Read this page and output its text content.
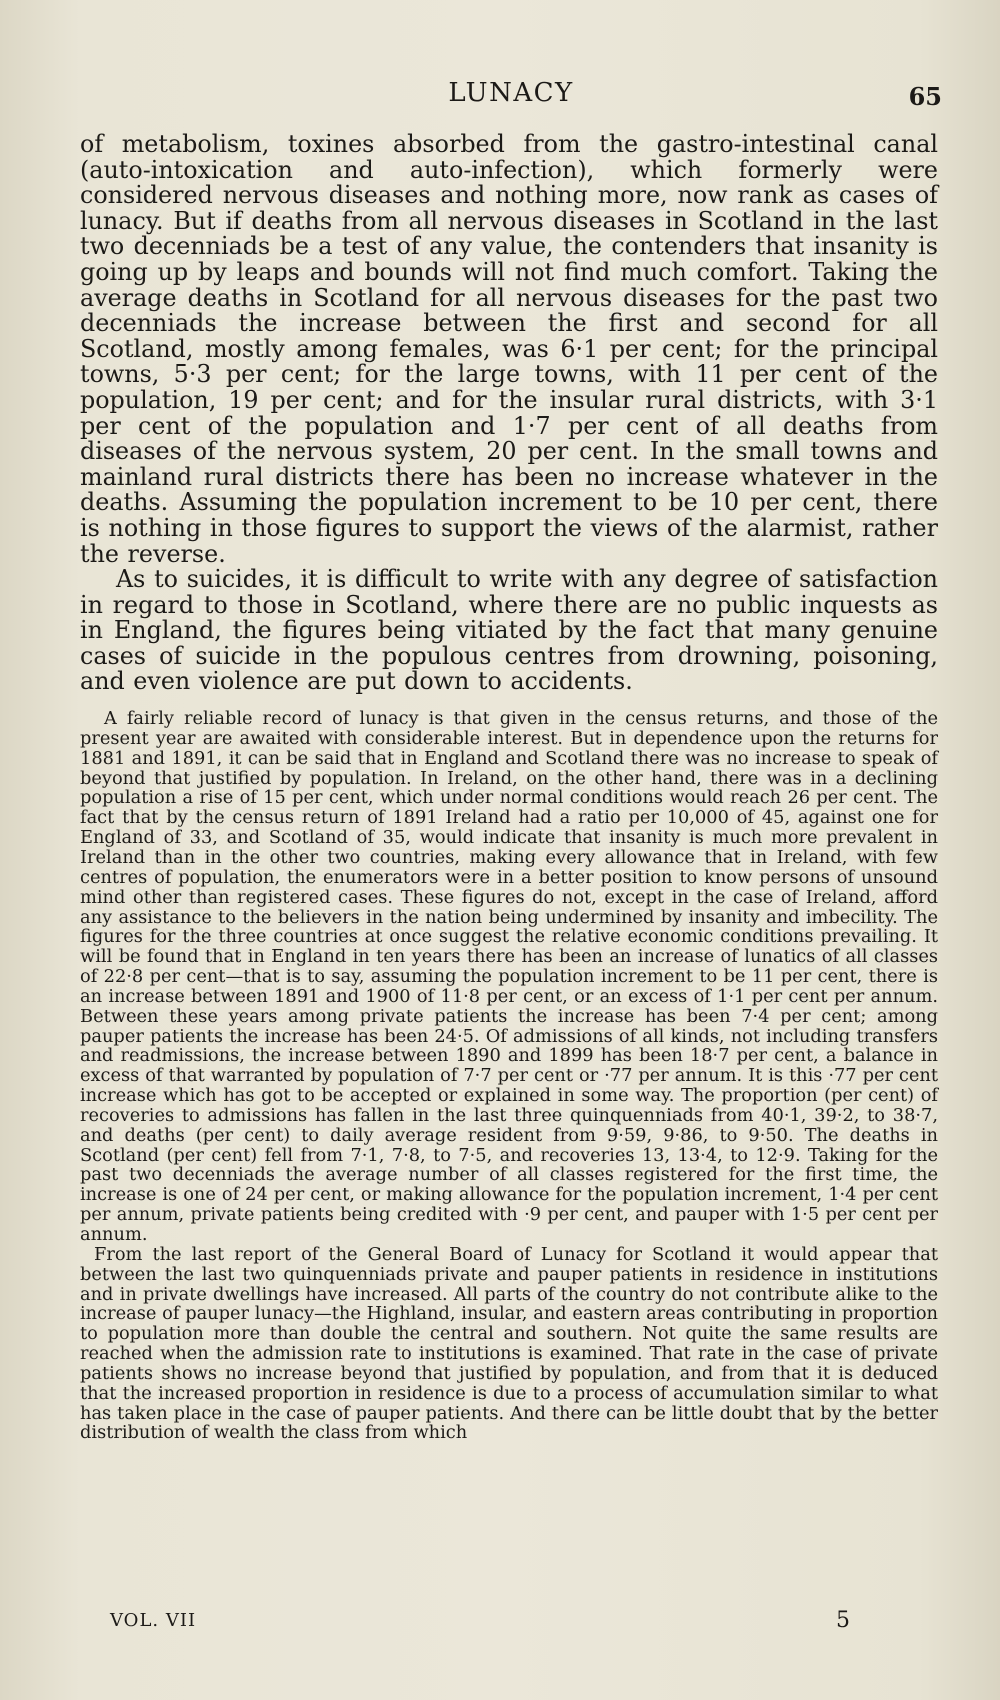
LUNACY	65

of metabolism, toxines absorbed from the gastro-intestinal canal (auto-intoxication and auto-infection), which formerly were considered nervous diseases and nothing more, now rank as cases of lunacy. But if deaths from all nervous diseases in Scotland in the last two decenniads be a test of any value, the contenders that insanity is going up by leaps and bounds will not find much comfort. Taking the average deaths in Scotland for all nervous diseases for the past two decenniads the increase between the first and second for all Scotland, mostly among females, was 6·1 per cent; for the principal towns, 5·3 per cent; for the large towns, with 11 per cent of the population, 19 per cent; and for the insular rural districts, with 3·1 per cent of the population and 1·7 per cent of all deaths from diseases of the nervous system, 20 per cent. In the small towns and mainland rural districts there has been no increase whatever in the deaths. Assuming the population increment to be 10 per cent, there is nothing in those figures to support the views of the alarmist, rather the reverse.

As to suicides, it is difficult to write with any degree of satisfaction in regard to those in Scotland, where there are no public inquests as in England, the figures being vitiated by the fact that many genuine cases of suicide in the populous centres from drowning, poisoning, and even violence are put down to accidents.

A fairly reliable record of lunacy is that given in the census returns, and those of the present year are awaited with considerable interest. But in dependence upon the returns for 1881 and 1891, it can be said that in England and Scotland there was no increase to speak of beyond that justified by population. In Ireland, on the other hand, there was in a declining population a rise of 15 per cent, which under normal conditions would reach 26 per cent. The fact that by the census return of 1891 Ireland had a ratio per 10,000 of 45, against one for England of 33, and Scotland of 35, would indicate that insanity is much more prevalent in Ireland than in the other two countries, making every allowance that in Ireland, with few centres of population, the enumerators were in a better position to know persons of unsound mind other than registered cases. These figures do not, except in the case of Ireland, afford any assistance to the believers in the nation being undermined by insanity and imbecility. The figures for the three countries at once suggest the relative economic conditions prevailing. It will be found that in England in ten years there has been an increase of lunatics of all classes of 22·8 per cent—that is to say, assuming the population increment to be 11 per cent, there is an increase between 1891 and 1900 of 11·8 per cent, or an excess of 1·1 per cent per annum. Between these years among private patients the increase has been 7·4 per cent; among pauper patients the increase has been 24·5. Of admissions of all kinds, not including transfers and readmissions, the increase between 1890 and 1899 has been 18·7 per cent, a balance in excess of that warranted by population of 7·7 per cent or ·77 per annum. It is this ·77 per cent increase which has got to be accepted or explained in some way. The proportion (per cent) of recoveries to admissions has fallen in the last three quinquenniads from 40·1, 39·2, to 38·7, and deaths (per cent) to daily average resident from 9·59, 9·86, to 9·50. The deaths in Scotland (per cent) fell from 7·1, 7·8, to 7·5, and recoveries 13, 13·4, to 12·9. Taking for the past two decenniads the average number of all classes registered for the first time, the increase is one of 24 per cent, or making allowance for the population increment, 1·4 per cent per annum, private patients being credited with ·9 per cent, and pauper with 1·5 per cent per annum.

From the last report of the General Board of Lunacy for Scotland it would appear that between the last two quinquenniads private and pauper patients in residence in institutions and in private dwellings have increased. All parts of the country do not contribute alike to the increase of pauper lunacy—the Highland, insular, and eastern areas contributing in proportion to population more than double the central and southern. Not quite the same results are reached when the admission rate to institutions is examined. That rate in the case of private patients shows no increase beyond that justified by population, and from that it is deduced that the increased proportion in residence is due to a process of accumulation similar to what has taken place in the case of pauper patients. And there can be little doubt that by the better distribution of wealth the class from which

VOL. VII	5
